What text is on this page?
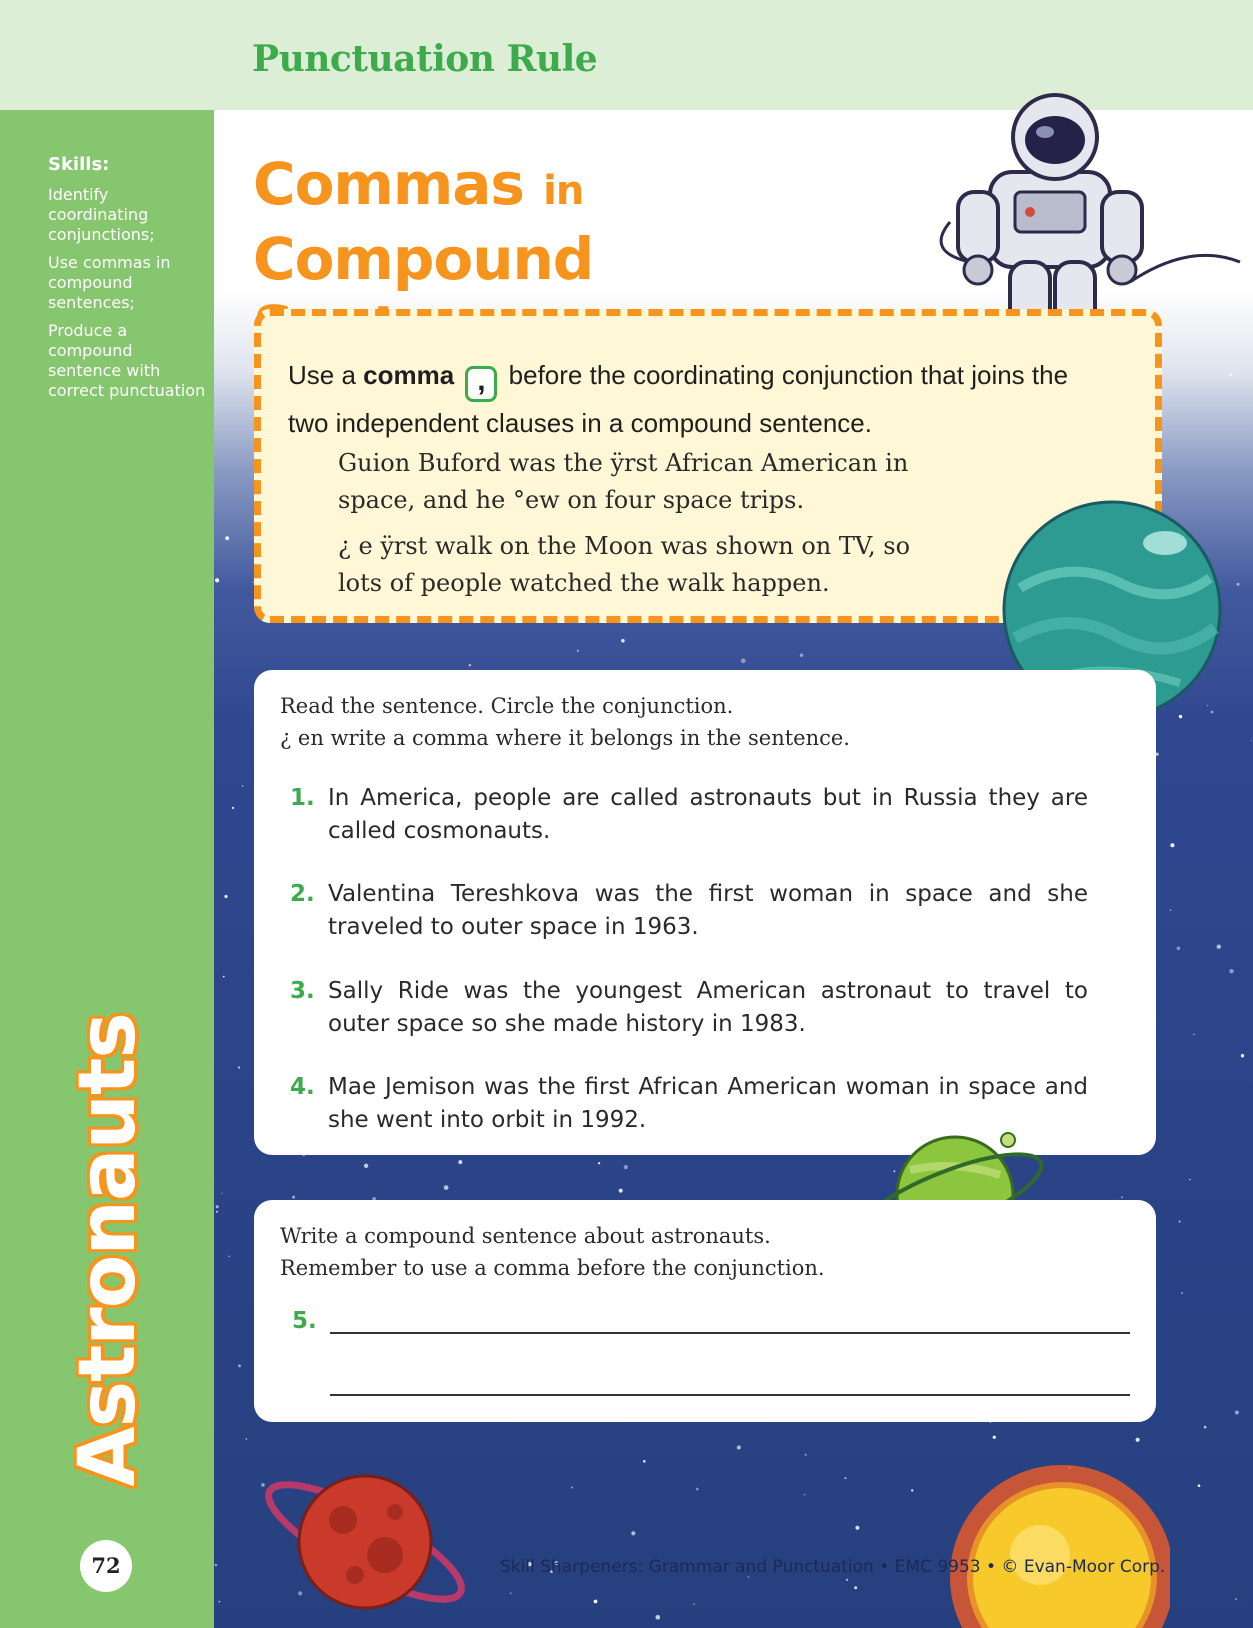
Skills:
Identify coordinating conjunctions;
Use commas in compound sentences;
Produce a compound sentence with correct punctuation
Astronauts
72
Punctuation Rule
Commas in Compound

Use a comma , before the coordinating conjunction that joins the two independent clauses in a compound sentence.
Guion Buford was the ÿrst African American in space, and he °ew on four space trips.
¿ e ÿrst walk on the Moon was shown on TV, so lots of people watched the walk happen.
Read the sentence. Circle the conjunction.
¿ en write a comma where it belongs in the sentence.
1. In America, people are called astronauts but in Russia they are called cosmonauts.
2. Valentina Tereshkova was the first woman in space and she traveled to outer space in 1963.
3. Sally Ride was the youngest American astronaut to travel to outer space so she made history in 1983.
4. Mae Jemison was the first African American woman in space and she went into orbit in 1992.
Write a compound sentence about astronauts.
Remember to use a comma before the conjunction.
5.
Skill Sharpeners: Grammar and Punctuation • EMC 9953 • © Evan-Moor Corp.
